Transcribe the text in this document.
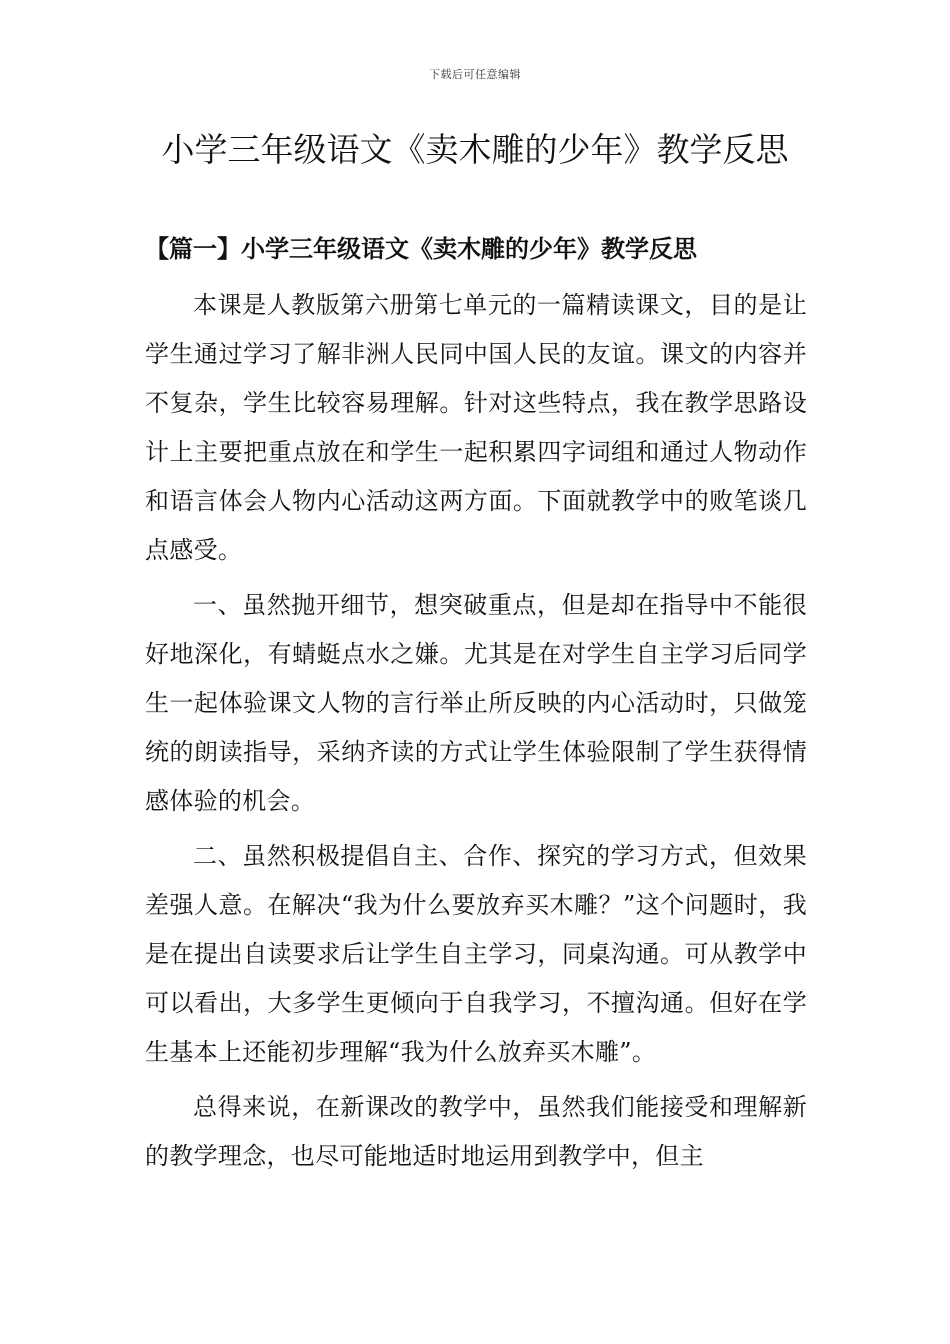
下载后可任意编辑
小学三年级语文《卖木雕的少年》教学反思
【篇一】小学三年级语文《卖木雕的少年》教学反思

本课是人教版第六册第七单元的一篇精读课文，目的是让学生通过学习了解非洲人民同中国人民的友谊。课文的内容并不复杂，学生比较容易理解。针对这些特点，我在教学思路设计上主要把重点放在和学生一起积累四字词组和通过人物动作和语言体会人物内心活动这两方面。下面就教学中的败笔谈几点感受。

一、虽然抛开细节，想突破重点，但是却在指导中不能很好地深化，有蜻蜓点水之嫌。尤其是在对学生自主学习后同学生一起体验课文人物的言行举止所反映的内心活动时，只做笼统的朗读指导，采纳齐读的方式让学生体验限制了学生获得情感体验的机会。

二、虽然积极提倡自主、合作、探究的学习方式，但效果差强人意。在解决“我为什么要放弃买木雕？”这个问题时，我是在提出自读要求后让学生自主学习，同桌沟通。可从教学中可以看出，大多学生更倾向于自我学习，不擅沟通。但好在学生基本上还能初步理解“我为什么放弃买木雕”。

总得来说，在新课改的教学中，虽然我们能接受和理解新的教学理念，也尽可能地适时地运用到教学中，但主
